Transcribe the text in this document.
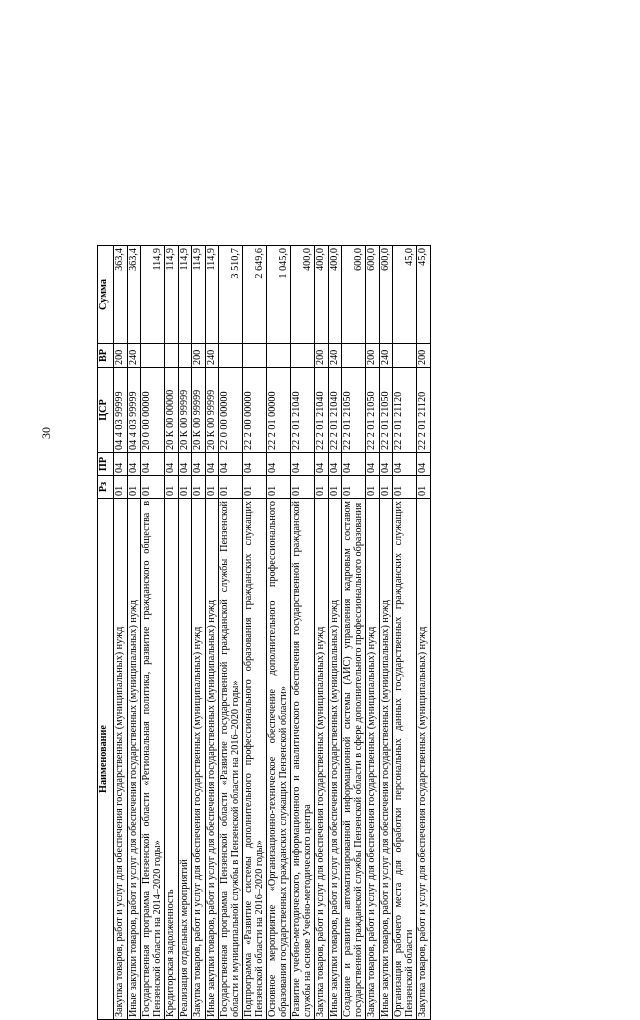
30
Наименование	Рз	ПР	ЦСР	ВР	Сумма
Закупка товаров, работ и услуг для обеспечения государственных (муниципальных) нужд	01	04	04 4 03 99999	200	363,4
Иные закупки товаров, работ и услуг для обеспечения государственных (муниципальных) нужд	01	04	04 4 03 99999	240	363,4
Государственная программа Пензенской области «Региональная политика, развитие гражданского общества в Пензенской области на 2014–2020 годы»	01	04	20 0 00 00000		114,9
Кредиторская задолженность	01	04	20 К 00 00000		114,9
Реализация отдельных мероприятий	01	04	20 К 00 99999		114,9
Закупка товаров, работ и услуг для обеспечения государственных (муниципальных) нужд	01	04	20 К 00 99999	200	114,9
Иные закупки товаров, работ и услуг для обеспечения государственных (муниципальных) нужд	01	04	20 К 00 99999	240	114,9
Государственная программа Пензенской области «Развитие государственной гражданской службы Пензенской области и муниципальной службы в Пензенской области на 2016–2020 годы»	01	04	22 0 00 00000		3 510,7
Подпрограмма «Развитие системы дополнительного профессионального образования гражданских служащих Пензенской области на 2016–2020 годы»	01	04	22 2 00 00000		2 649,6
Основное мероприятие «Организационно-техническое обеспечение дополнительного профессионального образования государственных гражданских служащих Пензенской области»	01	04	22 2 01 00000		1 045,0
Развитие учебно-методического, информационного и аналитического обеспечения государственной гражданской службы на основе Учебно-методического центра	01	04	22 2 01 21040		400,0
Закупка товаров, работ и услуг для обеспечения государственных (муниципальных) нужд	01	04	22 2 01 21040	200	400,0
Иные закупки товаров, работ и услуг для обеспечения государственных (муниципальных) нужд	01	04	22 2 01 21040	240	400,0
Создание и развитие автоматизированной информационной системы (АИС) управления кадровым составом государственной гражданской службы Пензенской области в сфере дополнительного профессионального образования	01	04	22 2 01 21050		600,0
Закупка товаров, работ и услуг для обеспечения государственных (муниципальных) нужд	01	04	22 2 01 21050	200	600,0
Иные закупки товаров, работ и услуг для обеспечения государственных (муниципальных) нужд	01	04	22 2 01 21050	240	600,0
Организация рабочего места для обработки персональных данных государственных гражданских служащих Пензенской области	01	04	22 2 01 21120		45,0
Закупка товаров, работ и услуг для обеспечения государственных (муниципальных) нужд	01	04	22 2 01 21120	200	45,0
